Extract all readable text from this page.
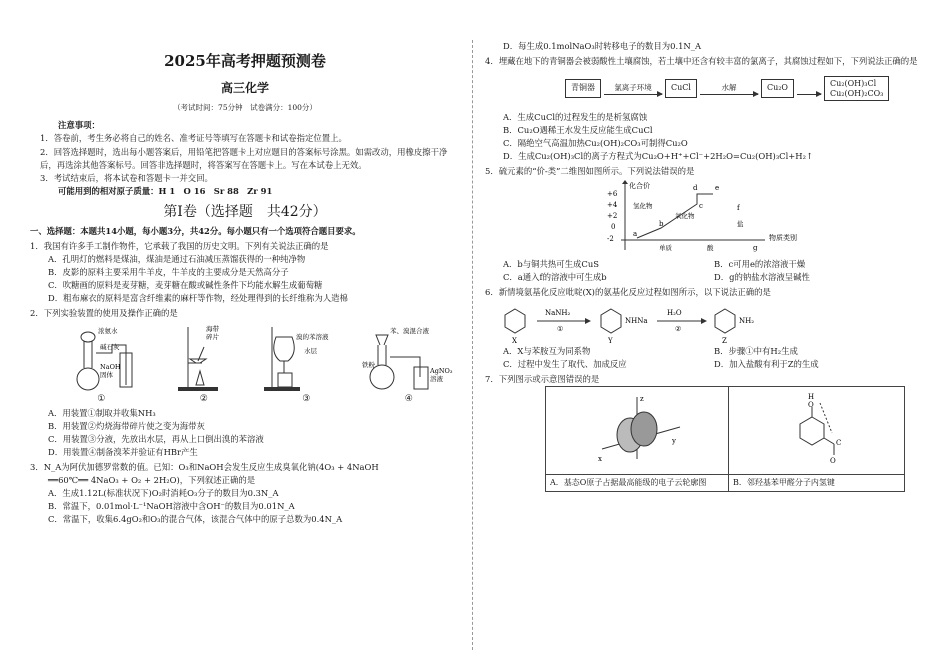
2025年高考押题预测卷
高三化学
（考试时间：75分钟　试卷满分：100分）
注意事项：
1．答卷前，考生务必将自己的姓名、准考证号等填写在答题卡和试卷指定位置上。
2．回答选择题时，选出每小题答案后，用铅笔把答题卡上对应题目的答案标号涂黑。如需改动，用橡皮擦干净后，再选涂其他答案标号。回答非选择题时，将答案写在答题卡上。写在本试卷上无效。
3．考试结束后，将本试卷和答题卡一并交回。
可能用到的相对原子质量：H 1　O 16　Sr 88　Zr 91
第Ⅰ卷（选择题　共42分）
一、选择题：本题共14小题，每小题3分，共42分。每小题只有一个选项符合题目要求。
1．我国有许多手工制作物件，它承载了我国的历史文明。下列有关说法正确的是
A．孔明灯的燃料是煤油，煤油是通过石油减压蒸馏获得的一种纯净物
B．皮影的原料主要采用牛羊皮，牛羊皮的主要成分是天然高分子
C．吹糖画的原料是麦芽糖，麦芽糖在酸或碱性条件下均能水解生成葡萄糖
D．粗布麻衣的原料是富含纤维素的麻杆等作物，经处理得到的长纤维称为人造棉
2．下列实验装置的使用及操作正确的是
浓氨水
碱石灰
NaOH
固体
海带
碎片	溴的苯溶液
水层
苯、溴混合液
铁粉
AgNO₃
溶液
①	②	③	④
A．用装置①制取并收集NH₃
B．用装置②灼烧海带碎片使之变为海带灰
C．用装置③分液，先放出水层，再从上口倒出溴的苯溶液
D．用装置④制备溴苯并验证有HBr产生
3．N_A为阿伏加德罗常数的值。已知：O₃和NaOH会发生反应生成臭氧化钠(4O₃ + 4NaOH
══60℃══ 4NaO₃ + O₂ + 2H₂O)，下列叙述正确的是
A．生成1.12L(标准状况下)O₂时消耗O₃分子的数目为0.3N_A
B．常温下，0.01mol·L⁻¹NaOH溶液中含OH⁻的数目为0.01N_A
C．常温下，收集6.4gO₂和O₃的混合气体，该混合气体中的原子总数为0.4N_A
D．每生成0.1molNaO₃时转移电子的数目为0.1N_A
4．埋藏在地下的青铜器会被弱酸性土壤腐蚀，若土壤中还含有较丰富的氯离子，其腐蚀过程如下，下列说法正确的是
青铜器	氯离子环境	CuCl	水解	Cu₂O
	Cu₂(OH)₃Cl
Cu₂(OH)₂CO₃
A．生成CuCl的过程发生的是析氢腐蚀
B．Cu₂O遇稀王水发生反应能生成CuCl
C．隔绝空气高温加热Cu₂(OH)₂CO₃可制得Cu₂O
D．生成Cu₂(OH)₃Cl的离子方程式为Cu₂O+H⁺+Cl⁻+2H₂O=Cu₂(OH)₃Cl+H₂↑
5．硫元素的“价-类”二维图如图所示。下列说法错误的是
化合价
物质类别
+6
+4
+2
0
-2
氢化物
单质
氧化物
酸
盐
a
b
c
d	e
f
g
A．b与铜共热可生成CuS	B．c可用e的浓溶液干燥
C．a通入f的溶液中可生成b	D．g的钠盐水溶液呈碱性
6．新情境氨基化反应吡啶(X)的氨基化反应过程如图所示，以下说法正确的是
X
NaNH₂
①
Y
NHNa
H₂O
②
Z
NH₂
A．X与苯胺互为同系物	B．步骤①中有H₂生成
C．过程中发生了取代、加成反应	D．加入盐酸有利于Z的生成
7．下列图示或示意图错误的是
z
y
x	H
O
C
O

A．基态O原子占据最高能级的电子云轮廓图	B．邻羟基苯甲醛分子内氢键
